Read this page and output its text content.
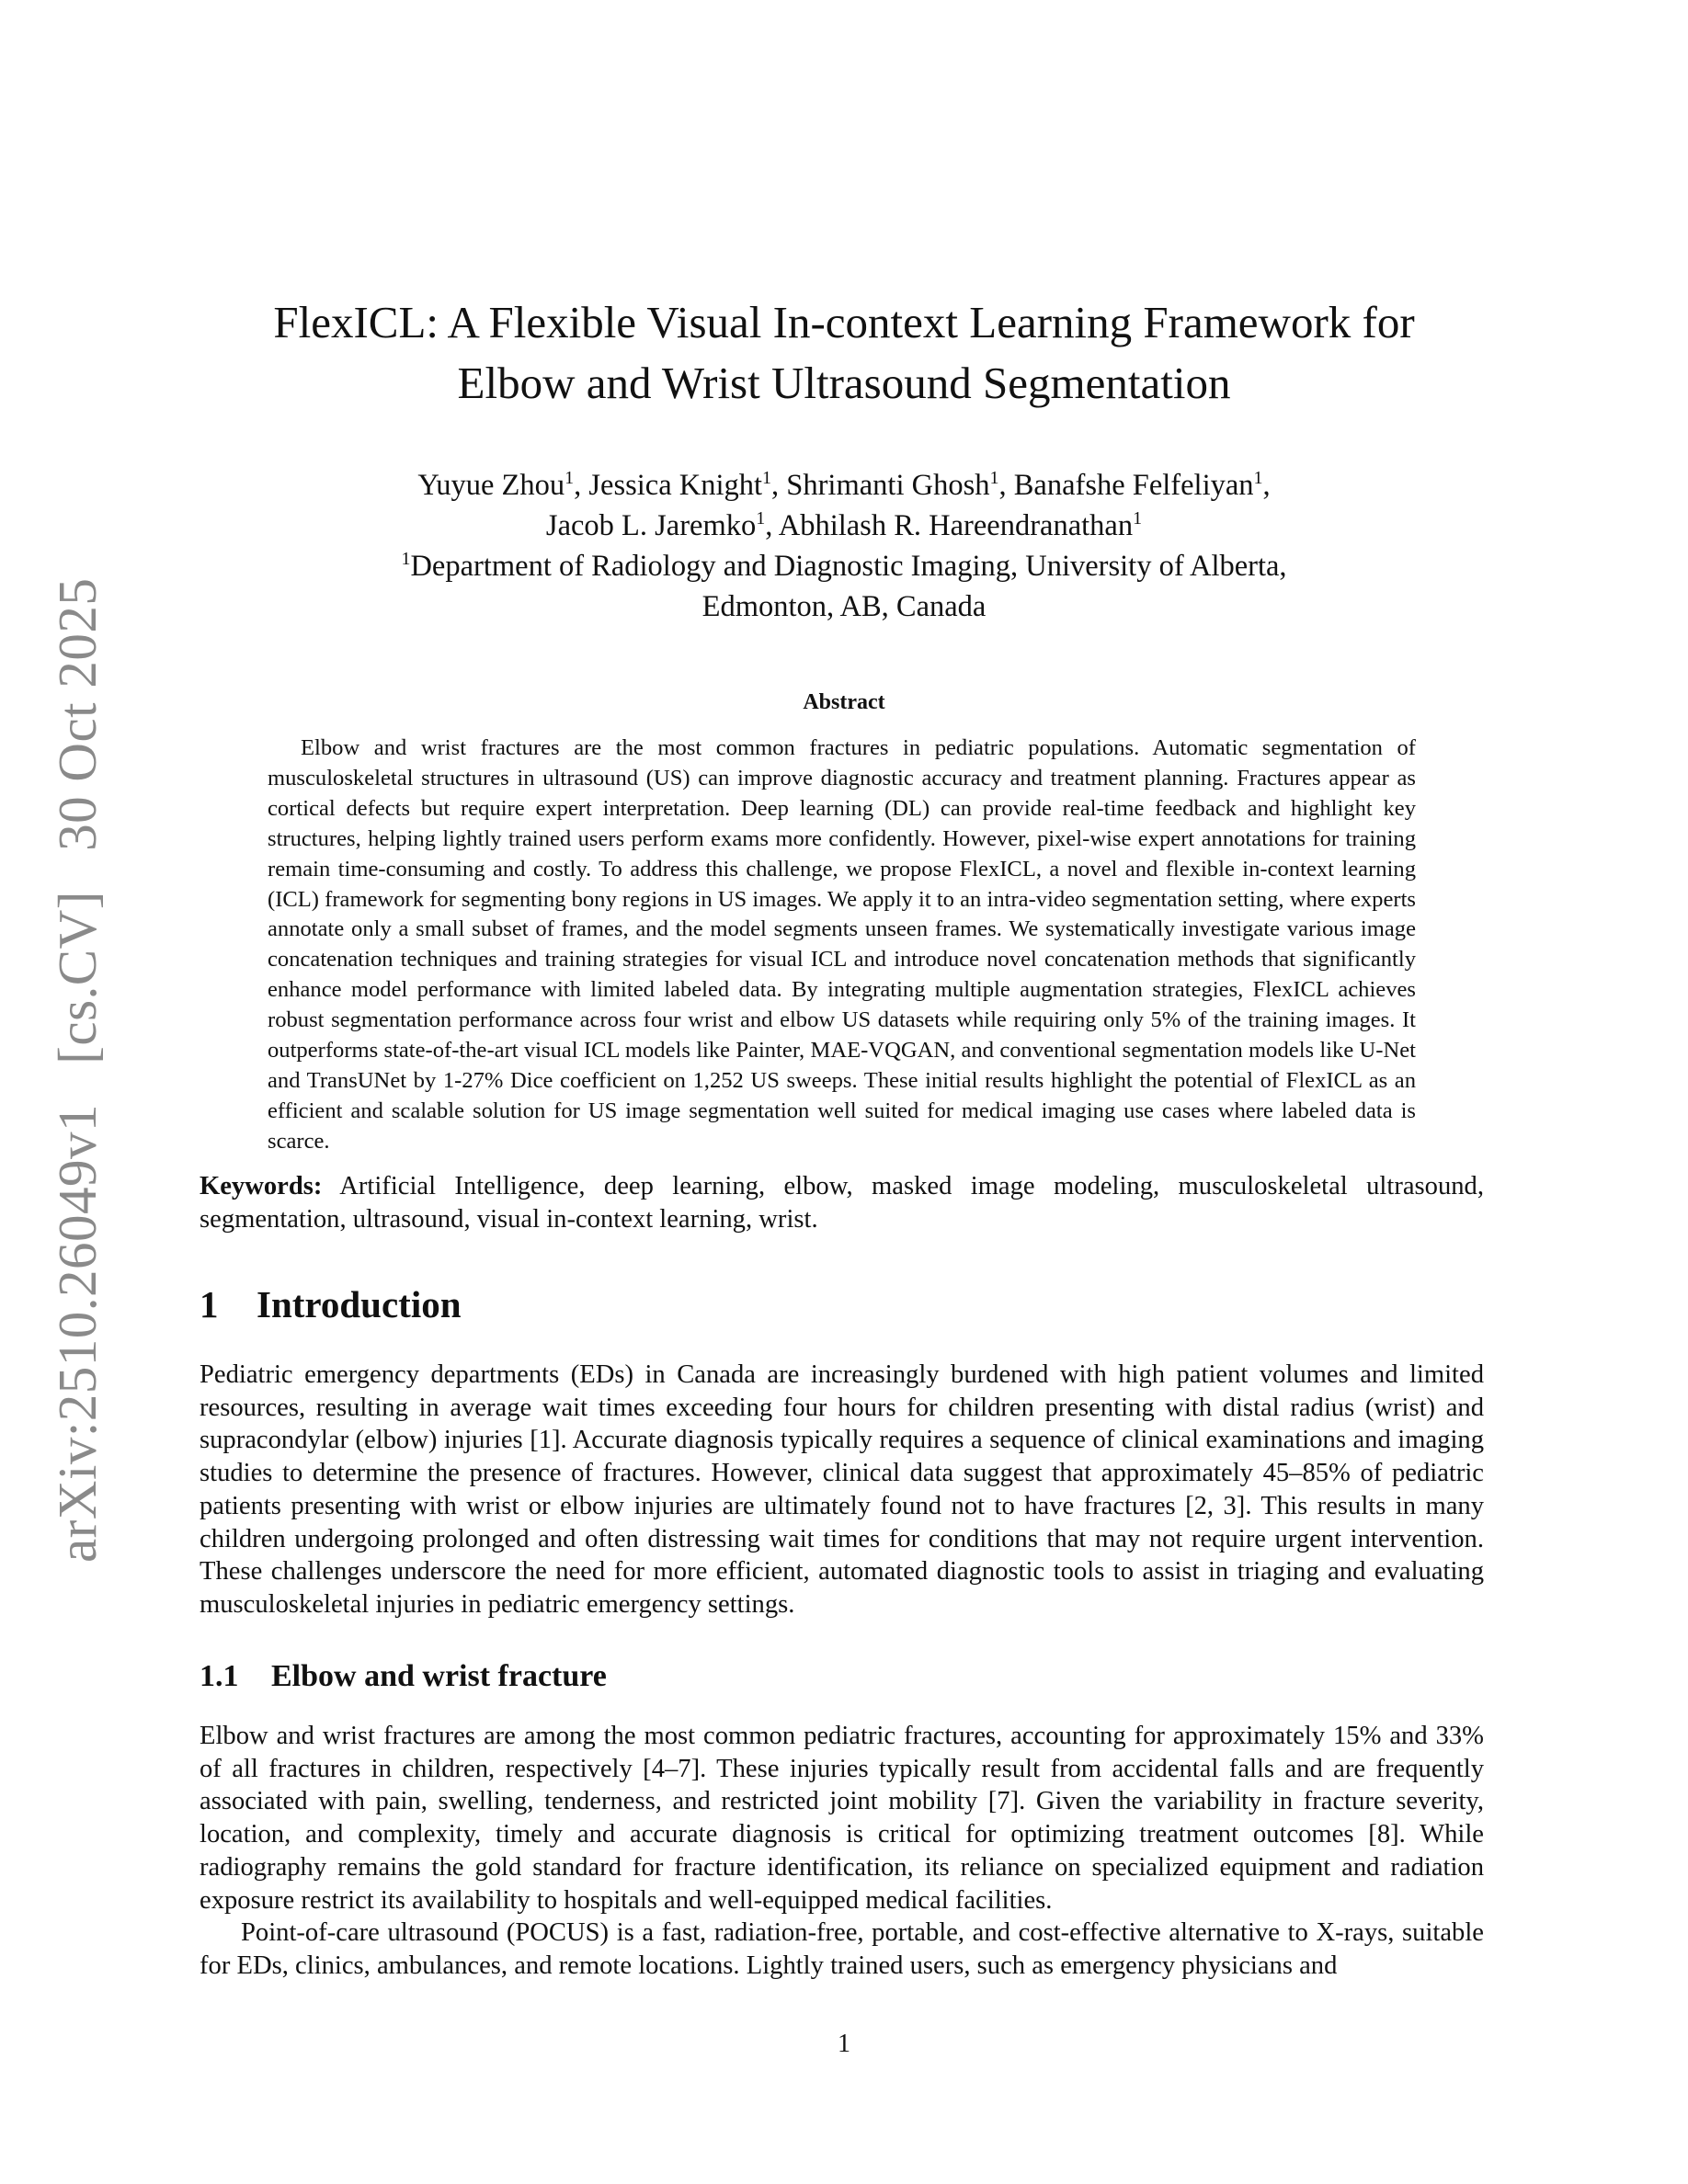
arXiv:2510.26049v1 [cs.CV] 30 Oct 2025
FlexICL: A Flexible Visual In-context Learning Framework for
Elbow and Wrist Ultrasound Segmentation
Yuyue Zhou$^1$, Jessica Knight$^1$, Shrimanti Ghosh$^1$, Banafshe Felfeliyan$^1$,
Jacob L. Jaremko$^1$, Abhilash R. Hareendranathan$^1$
$^1$Department of Radiology and Diagnostic Imaging, University of Alberta,
Edmonton, AB, Canada
Abstract
Elbow and wrist fractures are the most common fractures in pediatric populations. Automatic segmentation of musculoskeletal structures in ultrasound (US) can improve diagnostic accuracy and treatment planning. Fractures appear as cortical defects but require expert interpretation. Deep learning (DL) can provide real-time feedback and highlight key structures, helping lightly trained users perform exams more confidently. However, pixel-wise expert annotations for training remain time-consuming and costly. To address this challenge, we propose FlexICL, a novel and flexible in-context learning (ICL) framework for segmenting bony regions in US images. We apply it to an intra-video segmentation setting, where experts annotate only a small subset of frames, and the model segments unseen frames. We systematically investigate various image concatenation techniques and training strategies for visual ICL and introduce novel concatenation methods that significantly enhance model performance with limited labeled data. By integrating multiple augmentation strategies, FlexICL achieves robust segmentation performance across four wrist and elbow US datasets while requiring only 5% of the training images. It outperforms state-of-the-art visual ICL models like Painter, MAE-VQGAN, and conventional segmentation models like U-Net and TransUNet by 1-27% Dice coefficient on 1,252 US sweeps. These initial results highlight the potential of FlexICL as an efficient and scalable solution for US image segmentation well suited for medical imaging use cases where labeled data is scarce.
Keywords: Artificial Intelligence, deep learning, elbow, masked image modeling, musculoskeletal ultrasound, segmentation, ultrasound, visual in-context learning, wrist.
1 Introduction

Pediatric emergency departments (EDs) in Canada are increasingly burdened with high patient volumes and limited resources, resulting in average wait times exceeding four hours for children presenting with distal radius (wrist) and supracondylar (elbow) injuries [1]. Accurate diagnosis typically requires a sequence of clinical examinations and imaging studies to determine the presence of fractures. However, clinical data suggest that approximately 45–85% of pediatric patients presenting with wrist or elbow injuries are ultimately found not to have fractures [2, 3]. This results in many children undergoing prolonged and often distressing wait times for conditions that may not require urgent intervention. These challenges underscore the need for more efficient, automated diagnostic tools to assist in triaging and evaluating musculoskeletal injuries in pediatric emergency settings.

1.1 Elbow and wrist fracture

Elbow and wrist fractures are among the most common pediatric fractures, accounting for approximately 15% and 33% of all fractures in children, respectively [4–7]. These injuries typically result from accidental falls and are frequently associated with pain, swelling, tenderness, and restricted joint mobility [7]. Given the variability in fracture severity, location, and complexity, timely and accurate diagnosis is critical for optimizing treatment outcomes [8]. While radiography remains the gold standard for fracture identification, its reliance on specialized equipment and radiation exposure restrict its availability to hospitals and well-equipped medical facilities.

Point-of-care ultrasound (POCUS) is a fast, radiation-free, portable, and cost-effective alternative to X-rays, suitable for EDs, clinics, ambulances, and remote locations. Lightly trained users, such as emergency physicians and

1
